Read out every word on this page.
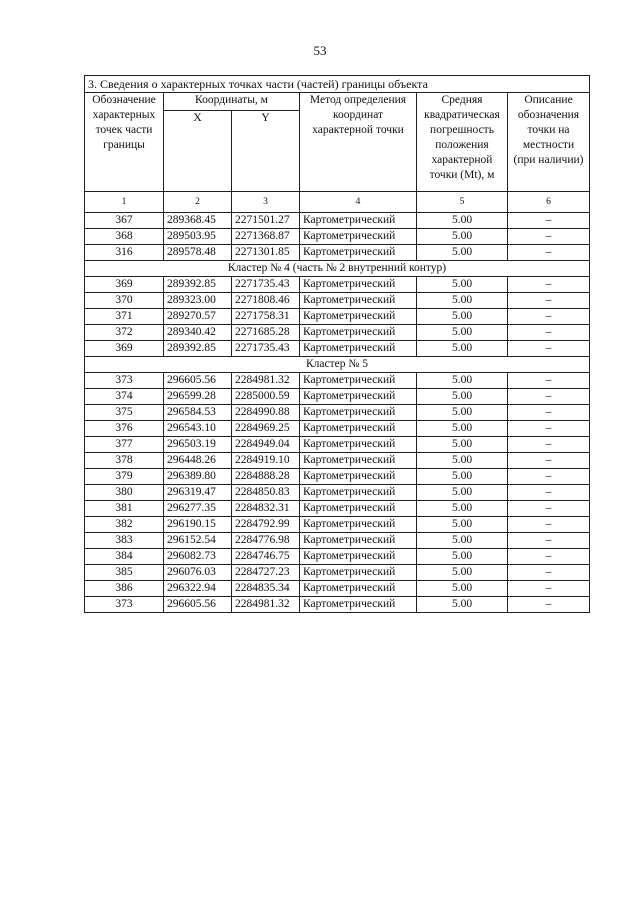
53
3. Сведения о характерных точках части (частей) границы объекта					
Обозначение характерных точек части границы	Координаты, м		Метод определения координат характерной точки	Средняя квадратическая погрешность положения характерной точки (Mt), м	Описание обозначения точки на местности (при наличии)
	X	Y			
1	2	3	4	5	6
367	289368.45	2271501.27	Картометрический	5.00	–
368	289503.95	2271368.87	Картометрический	5.00	–
316	289578.48	2271301.85	Картометрический	5.00	–
Кластер № 4 (часть № 2 внутренний контур)					
369	289392.85	2271735.43	Картометрический	5.00	–
370	289323.00	2271808.46	Картометрический	5.00	–
371	289270.57	2271758.31	Картометрический	5.00	–
372	289340.42	2271685.28	Картометрический	5.00	–
369	289392.85	2271735.43	Картометрический	5.00	–
Кластер № 5					
373	296605.56	2284981.32	Картометрический	5.00	–
374	296599.28	2285000.59	Картометрический	5.00	–
375	296584.53	2284990.88	Картометрический	5.00	–
376	296543.10	2284969.25	Картометрический	5.00	–
377	296503.19	2284949.04	Картометрический	5.00	–
378	296448.26	2284919.10	Картометрический	5.00	–
379	296389.80	2284888.28	Картометрический	5.00	–
380	296319.47	2284850.83	Картометрический	5.00	–
381	296277.35	2284832.31	Картометрический	5.00	–
382	296190.15	2284792.99	Картометрический	5.00	–
383	296152.54	2284776.98	Картометрический	5.00	–
384	296082.73	2284746.75	Картометрический	5.00	–
385	296076.03	2284727.23	Картометрический	5.00	–
386	296322.94	2284835.34	Картометрический	5.00	–
373	296605.56	2284981.32	Картометрический	5.00	–
